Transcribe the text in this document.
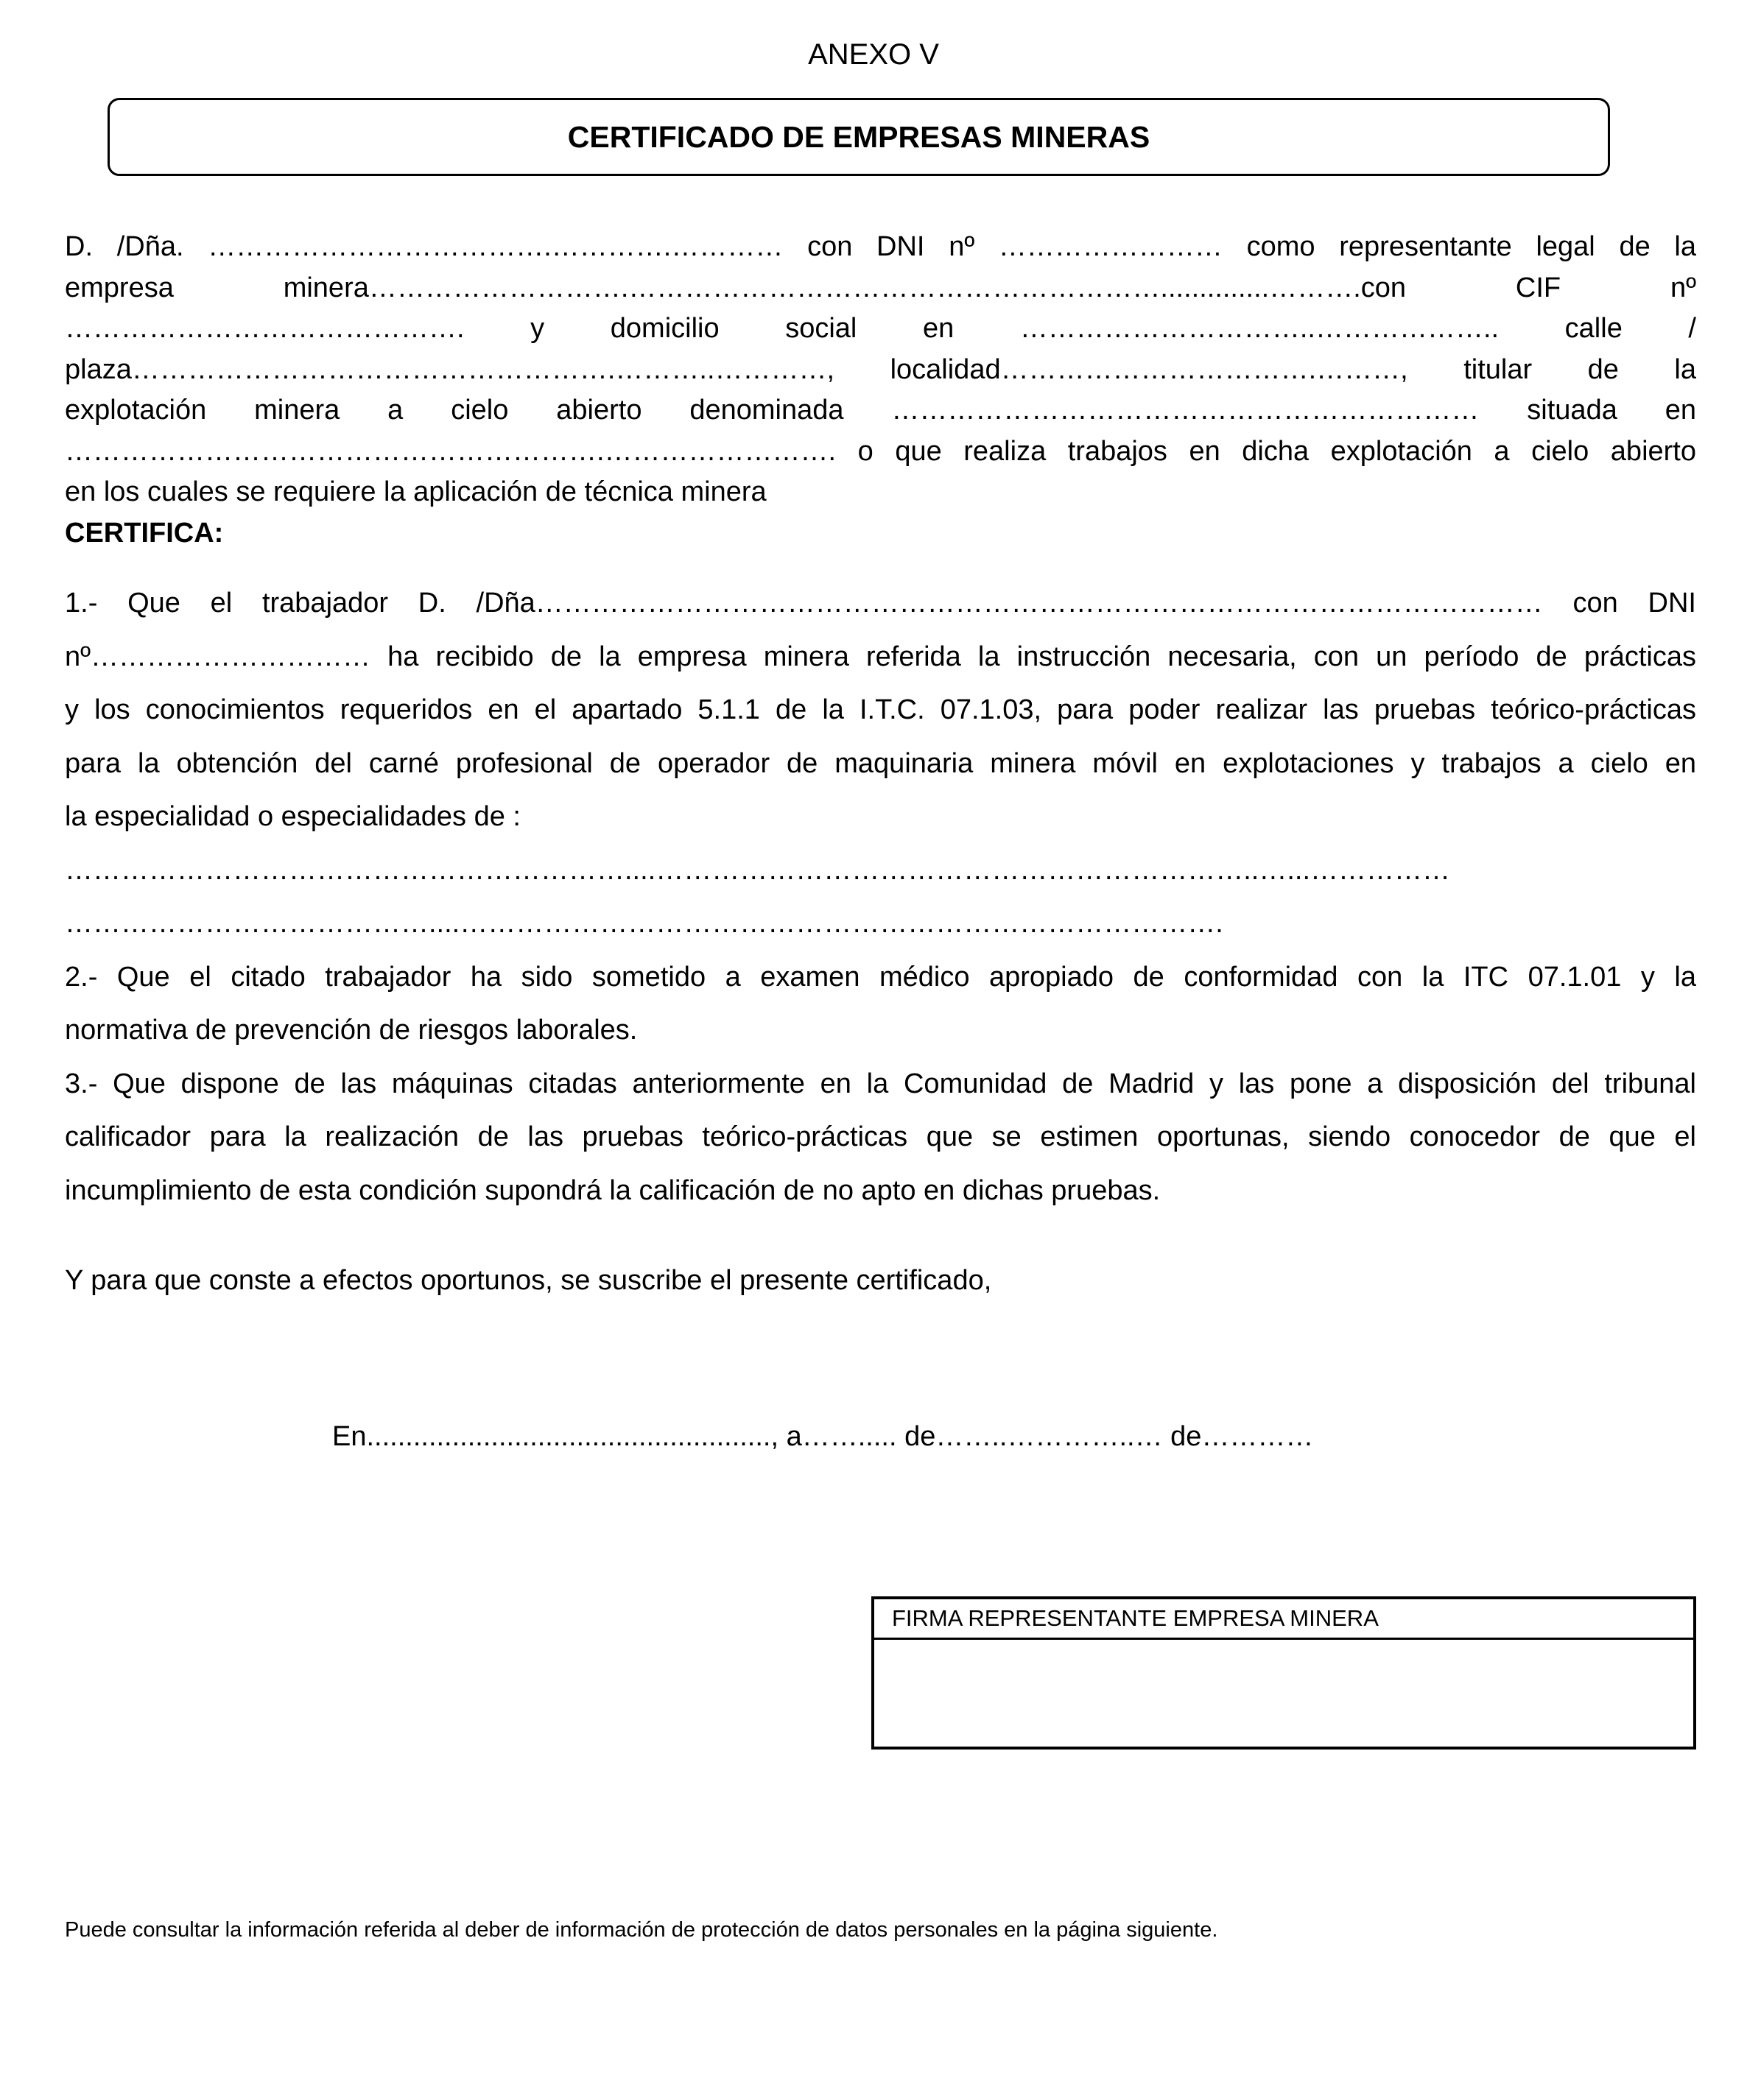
ANEXO V
CERTIFICADO DE EMPRESAS MINERAS
D. /Dña. ……………………………….………….………… con DNI nº …………………… como representante legal de la
empresa minera……………………….…………………………………………………..............……….con CIF nº
……………………………………. y domicilio social en …………………………..……………….. calle /
plaza…………………………………………….………..…………, localidad…………………………….………, titular de la
explotación minera a cielo abierto denominada ……………………………………………………… situada en
………………………………………………….……………………. o que realiza trabajos en dicha explotación a cielo abierto
en los cuales se requiere la aplicación de técnica minera
CERTIFICA:
1.- Que el trabajador D. /Dña……………………………………………………………………………………………… con DNI
nº………………………… ha recibido de la empresa minera referida la instrucción necesaria, con un período de prácticas
y los conocimientos requeridos en el apartado 5.1.1 de la I.T.C. 07.1.03, para poder realizar las pruebas teórico-prácticas
para la obtención del carné profesional de operador de maquinaria minera móvil en explotaciones y trabajos a cielo en
la especialidad o especialidades de :
……………………………………………………....………………………………………………………..…...……………
…………………………………....……………………………………………………………………….
2.- Que el citado trabajador ha sido sometido a examen médico apropiado de conformidad con la ITC 07.1.01 y la
normativa de prevención de riesgos laborales.
3.- Que dispone de las máquinas citadas anteriormente en la Comunidad de Madrid y las pone a disposición del tribunal
calificador para la realización de las pruebas teórico-prácticas que se estimen oportunas, siendo conocedor de que el
incumplimiento de esta condición supondrá la calificación de no apto en dichas pruebas.
Y para que conste a efectos oportunos, se suscribe el presente certificado,
En...................................................., a……..... de……..…………..… de…………
FIRMA REPRESENTANTE EMPRESA MINERA
Puede consultar la información referida al deber de información de protección de datos personales en la página siguiente.
